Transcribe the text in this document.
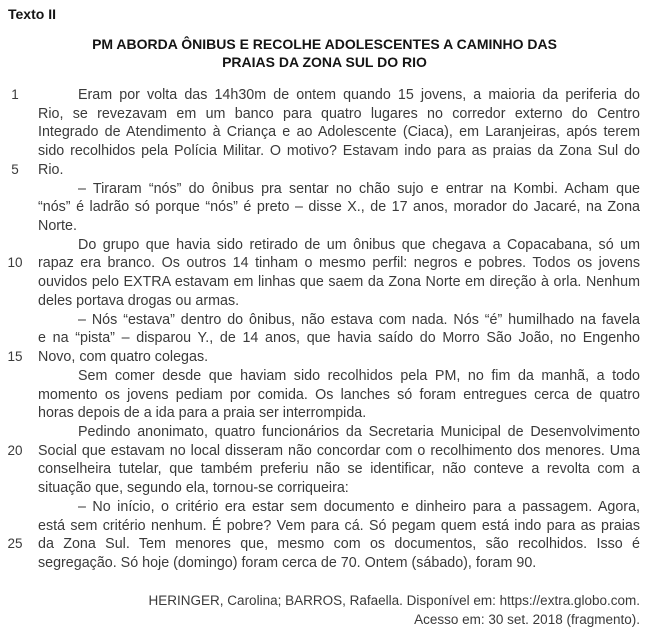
Texto II
PM ABORDA ÔNIBUS E RECOLHE ADOLESCENTES A CAMINHO DAS
PRAIAS DA ZONA SUL DO RIO
1	Eram por volta das 14h30m de ontem quando 15 jovens, a maioria da periferia do
Rio, se revezavam em um banco para quatro lugares no corredor externo do Centro
Integrado de Atendimento à Criança e ao Adolescente (Ciaca), em Laranjeiras, após terem
sido recolhidos pela Polícia Militar. O motivo? Estavam indo para as praias da Zona Sul do
5	Rio.
– Tiraram “nós” do ônibus pra sentar no chão sujo e entrar na Kombi. Acham que
“nós” é ladrão só porque “nós” é preto – disse X., de 17 anos, morador do Jacaré, na Zona
Norte.
Do grupo que havia sido retirado de um ônibus que chegava a Copacabana, só um
10	rapaz era branco. Os outros 14 tinham o mesmo perfil: negros e pobres. Todos os jovens
ouvidos pelo EXTRA estavam em linhas que saem da Zona Norte em direção à orla. Nenhum
deles portava drogas ou armas.
– Nós “estava” dentro do ônibus, não estava com nada. Nós “é” humilhado na favela
e na “pista” – disparou Y., de 14 anos, que havia saído do Morro São João, no Engenho
15	Novo, com quatro colegas.
Sem comer desde que haviam sido recolhidos pela PM, no fim da manhã, a todo
momento os jovens pediam por comida. Os lanches só foram entregues cerca de quatro
horas depois de a ida para a praia ser interrompida.
Pedindo anonimato, quatro funcionários da Secretaria Municipal de Desenvolvimento
20	Social que estavam no local disseram não concordar com o recolhimento dos menores. Uma
conselheira tutelar, que também preferiu não se identificar, não conteve a revolta com a
situação que, segundo ela, tornou-se corriqueira:
– No início, o critério era estar sem documento e dinheiro para a passagem. Agora,
está sem critério nenhum. É pobre? Vem para cá. Só pegam quem está indo para as praias
25	da Zona Sul. Tem menores que, mesmo com os documentos, são recolhidos. Isso é
segregação. Só hoje (domingo) foram cerca de 70. Ontem (sábado), foram 90.
HERINGER, Carolina; BARROS, Rafaella. Disponível em: https://extra.globo.com.
Acesso em: 30 set. 2018 (fragmento).
